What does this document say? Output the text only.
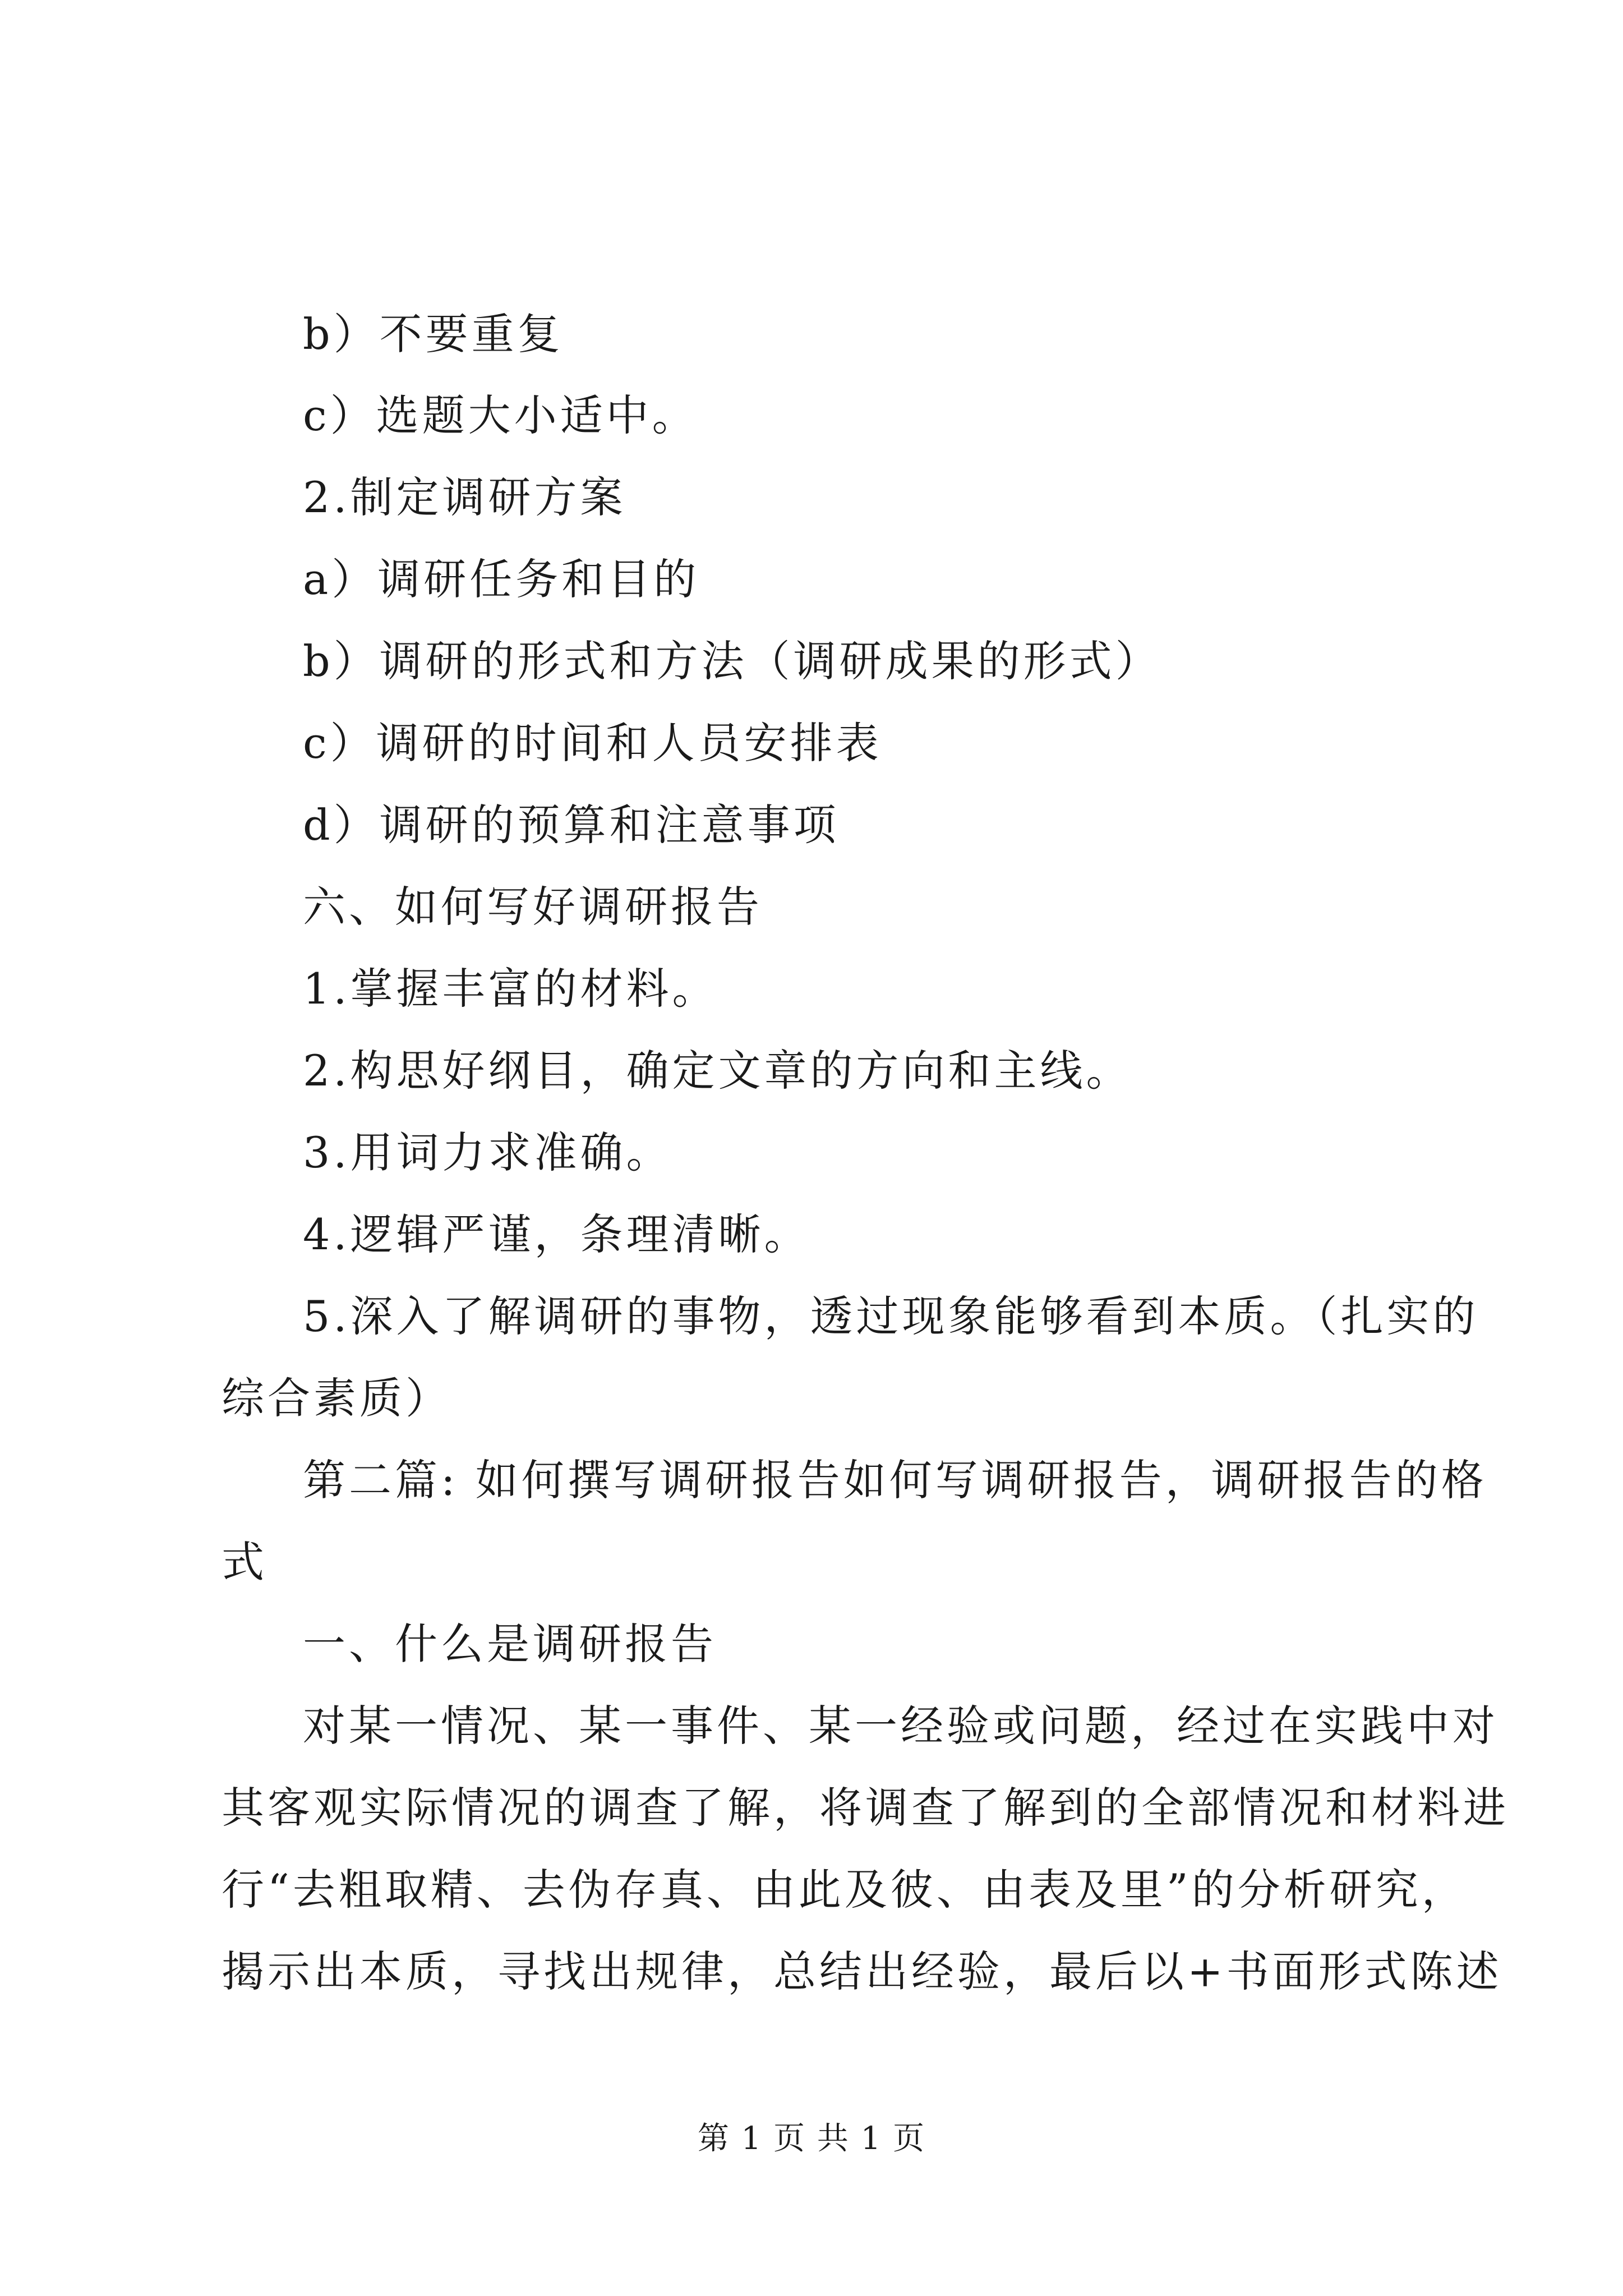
b）不要重复
c）选题大小适中。
2.制定调研方案
a）调研任务和目的
b）调研的形式和方法（调研成果的形式）
c）调研的时间和人员安排表
d）调研的预算和注意事项
六、如何写好调研报告
1.掌握丰富的材料。
2.构思好纲目，确定文章的方向和主线。
3.用词力求准确。
4.逻辑严谨，条理清晰。
5.深入了解调研的事物，透过现象能够看到本质。（扎实的
综合素质）
第二篇: 如何撰写调研报告如何写调研报告，调研报告的格
式
一、什么是调研报告
对某一情况、某一事件、某一经验或问题，经过在实践中对
其客观实际情况的调查了解，将调查了解到的全部情况和材料进
行“去粗取精、去伪存真、由此及彼、由表及里”的分析研究，
揭示出本质，寻找出规律，总结出经验，最后以+书面形式陈述
第 1 页 共 1 页
